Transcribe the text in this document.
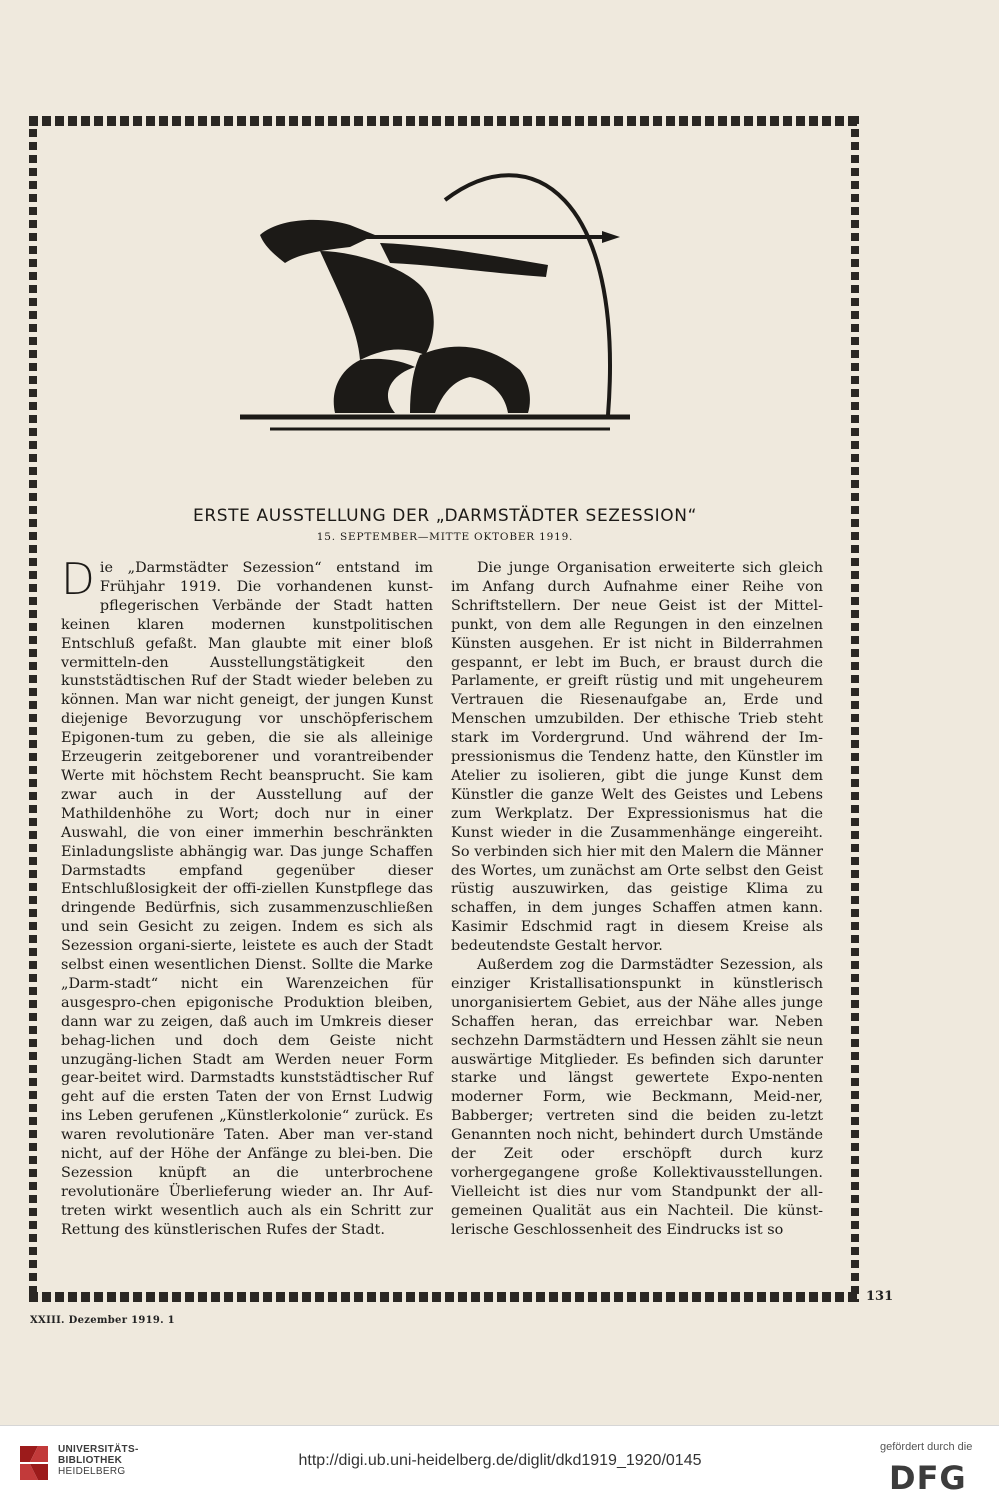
ERSTE AUSSTELLUNG DER „DARMSTÄDTER SEZESSION“
15. SEPTEMBER—MITTE OKTOBER 1919.

D ie „Darmstädter Sezession“ entstand im Frühjahr 1919. Die vorhandenen kunst-pflegerischen Verbände der Stadt hatten keinen klaren modernen kunstpolitischen Entschluß gefaßt. Man glaubte mit einer bloß vermitteln-den Ausstellungstätigkeit den kunststädtischen Ruf der Stadt wieder beleben zu können. Man war nicht geneigt, der jungen Kunst diejenige Bevorzugung vor unschöpferischem Epigonen-tum zu geben, die sie als alleinige Erzeugerin zeitgeborener und vorantreibender Werte mit höchstem Recht beansprucht. Sie kam zwar auch in der Ausstellung auf der Mathildenhöhe zu Wort; doch nur in einer Auswahl, die von einer immerhin beschränkten Einladungsliste abhängig war. Das junge Schaffen Darmstadts empfand gegenüber dieser Entschlußlosigkeit der offi-ziellen Kunstpflege das dringende Bedürfnis, sich zusammenzuschließen und sein Gesicht zu zeigen. Indem es sich als Sezession organi-sierte, leistete es auch der Stadt selbst einen wesentlichen Dienst. Sollte die Marke „Darm-stadt“ nicht ein Warenzeichen für ausgespro-chen epigonische Produktion bleiben, dann war zu zeigen, daß auch im Umkreis dieser behag-lichen und doch dem Geiste nicht unzugäng-lichen Stadt am Werden neuer Form gear-beitet wird. Darmstadts kunststädtischer Ruf geht auf die ersten Taten der von Ernst Ludwig ins Leben gerufenen „Künstlerkolonie“ zurück. Es waren revolutionäre Taten. Aber man ver-stand nicht, auf der Höhe der Anfänge zu blei-ben. Die Sezession knüpft an die unterbrochene revolutionäre Überlieferung wieder an. Ihr Auf-treten wirkt wesentlich auch als ein Schritt zur Rettung des künstlerischen Rufes der Stadt.

Die junge Organisation erweiterte sich gleich im Anfang durch Aufnahme einer Reihe von Schriftstellern. Der neue Geist ist der Mittel-punkt, von dem alle Regungen in den einzelnen Künsten ausgehen. Er ist nicht in Bilderrahmen gespannt, er lebt im Buch, er braust durch die Parlamente, er greift rüstig und mit ungeheurem Vertrauen die Riesenaufgabe an, Erde und Menschen umzubilden. Der ethische Trieb steht stark im Vordergrund. Und während der Im-pressionismus die Tendenz hatte, den Künstler im Atelier zu isolieren, gibt die junge Kunst dem Künstler die ganze Welt des Geistes und Lebens zum Werkplatz. Der Expressionismus hat die Kunst wieder in die Zusammenhänge eingereiht. So verbinden sich hier mit den Malern die Männer des Wortes, um zunächst am Orte selbst den Geist rüstig auszuwirken, das geistige Klima zu schaffen, in dem junges Schaffen atmen kann. Kasimir Edschmid ragt in diesem Kreise als bedeutendste Gestalt hervor.

Außerdem zog die Darmstädter Sezession, als einziger Kristallisationspunkt in künstlerisch unorganisiertem Gebiet, aus der Nähe alles junge Schaffen heran, das erreichbar war. Neben sechzehn Darmstädtern und Hessen zählt sie neun auswärtige Mitglieder. Es befinden sich darunter starke und längst gewertete Expo-nenten moderner Form, wie Beckmann, Meid-ner, Babberger; vertreten sind die beiden zu-letzt Genannten noch nicht, behindert durch Umstände der Zeit oder erschöpft durch kurz vorhergegangene große Kollektivausstellungen. Vielleicht ist dies nur vom Standpunkt der all-gemeinen Qualität aus ein Nachteil. Die künst-lerische Geschlossenheit des Eindrucks ist so

131
XXIII. Dezember 1919. 1
UNIVERSITÄTS-
BIBLIOTHEK
HEIDELBERG
http://digi.ub.uni-heidelberg.de/diglit/dkd1919_1920/0145
gefördert durch die
DFG
